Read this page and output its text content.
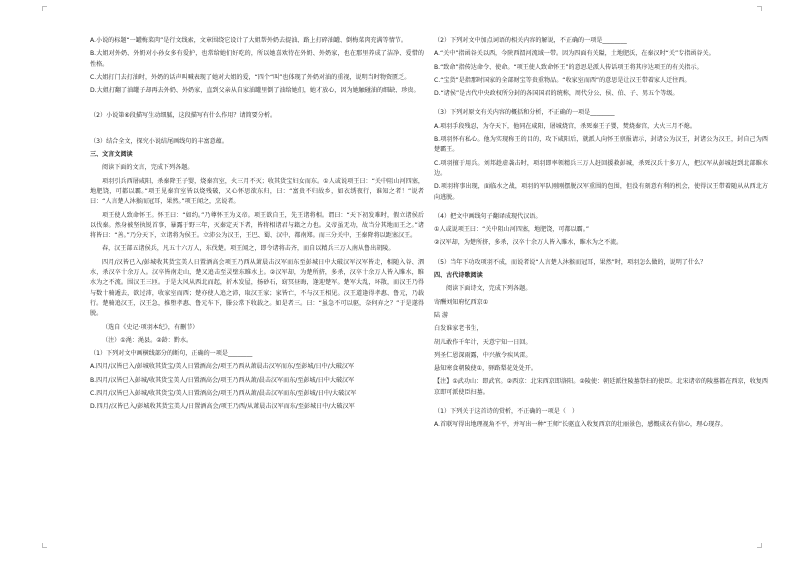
A.小说的标题“一罐梅菜肉”是行文线索，文章围绕它设计了大姐帮外奶去提油、路上打碎油罐、倒梅菜肉充满等情节。

B.大姐对外奶、外奶对小孙女多有爱护，也常给她们好吃的，所以她喜欢待在外奶、外奶家，也在那里养成了洁净、爱惜的性格。

C.大姐打门去打油时，外奶的话声叫喊表现了她对大姐的爱，“四个“叫”也体现了外奶对油的重视，说明当时物资匮乏。

D.大姐打翻了油罐子却再去外奶、外奶家，直到父亲从自家油罐里倒了油给她们，她才放心，因为她触碰油的细缺、珍贵。

（2）小说第⑥段描写生动细腻，这段描写有什么作用？请简要分析。

（3）结合全文，探究小说结尾画线句的丰富意蕴。

三、文言文阅读

阅读下面的文言，完成下列各题。

项羽引兵西屠咸阳，杀秦降王子婴，烧秦宫室，火三月不灭；收其货宝妇女而东。①人或说项王曰：“关中阻山河四塞，地肥饶，可都以霸。”项王见秦宫室皆以烧残破，又心怀思欲东归，曰：“富贵不归故乡，如衣绣夜行，谁知之者！”说者曰：“人言楚人沐猴而冠耳，果然。”项王闻之，烹说者。

项王使人致命怀王。怀王曰：“如约。”乃尊怀王为义帝。项王欲自王，先王诸将相。谓曰：“天下初发难时，假立诸侯后以伐秦。然身被坚执锐首事，暴露于野三年，灭秦定天下者，皆将相诸君与籍之力也。义帝虽无功，故当分其地而王之。”诸将皆曰：“善。”乃分天下，立诸将为侯王。立沛公为汉王，王巴、蜀、汉中，都南郑。而三分关中，王秦降将以距塞汉王。

春，汉王部五诸侯兵，凡五十六万人，东伐楚。项王闻之，即令诸将击齐，而自以精兵三万人南从鲁出胡陵。

四月/汉皆已入/彭城收其货宝美人日置酒高会项王乃西从萧晨击汉军而东至彭城日中大破汉军汉军皆走，相随入谷、泗水，杀汉卒十余万人。汉卒皆南走山，楚又追击至灵壁东睢水上。②汉军却，为楚所挤，多杀，汉卒十余万人皆入睢水，睢水为之不流。围汉王三匝。于是大风从西北而起，折木发屋，扬砂石，窈冥昼晦，逢迎楚军。楚军大乱，坏散，而汉王乃得与数十骑遁去，欲过沛，收家室而西；楚亦使人追之沛，取汉王家；家皆亡，不与汉王相见。汉王道逢得孝惠、鲁元，乃载行。楚骑追汉王，汉王急，推堕孝惠、鲁元车下，滕公常下收载之。如是者三。曰：“虽急不可以驱，奈何弃之？”于是遂得脱。

（选自《史记·项羽本纪》，有删节）

（注）①渑：渑县。②龄：黔水。

（1）下列对文中画横线部分的断句，正确的一项是________

A.四月/汉皆已入/彭城收其货宝/美人日置酒高会/项王乃西从萧晨击汉军而东/至彭城/日中/大破汉军

B.四月/汉皆已入彭城/收其货宝美人/日置酒高会/项王乃西从萧/晨击汉军而东/至彭城/日中大破汉军

C.四月/汉皆已入彭城/收其货宝/美人日置酒高会/项王乃西从萧/晨击汉军而东/至彭城/日中/大破汉军

D.四月/汉皆已入/彭城收其货宝美人/日置酒高会/项王乃西/从萧晨击汉军而东/至彭城日中/大破汉军

（2）下列对文中加点词语的相关内容的解说，不正确的一项是________

A.“关中”指函谷关以西，今陕西渭河流域一带。因为四面有关隘，土地肥沃，在秦汉时“关”专指函谷关。

B.“致命”指传达命令、使命。“项王使人致命怀王”的意思是派人传话项王将其序达项王的有关指示。

C.“宝货”是指那时国家的全部财宝等贵重物品。“收家室而西”的意思是让汉王带着家人迁往西。

D.“诸侯”是古代中央政权所分封的各国国君的统称，周代分公、侯、伯、子、男五个等级。

（3）下列对原文有关内容的概括和分析，不正确的一项是________

A.项羽手段残忍，为夺天下，他同在咸阳，屠城烧宫，杀死秦王子婴，焚烧秦宫，大火三月不熄。

B.项羽怀有私心。他为实现称王的目的，攻下咸阳后，就派人向怀王禀报请示，封诸公为汉王，封诸公为汉王，封自己为西楚霸王。

C.项羽擅于用兵。刘邦趁虚袭击时，项羽即率领精兵三万人赶回援救彭城，杀死汉兵十多万人，把汉军从彭城赶到北部睢水边。

D.项羽将事出现，面临水之战，项羽的军队刚刚摆脱汉军重围的包围，但没有刻意有利的机会，使得汉王带着随从从西北方向逃脱。

（4）把文中画线句子翻译成现代汉语。

①人或说项王曰：“关中阻山河四塞，地肥饶，可都以霸。”

②汉军却，为楚所挤，多杀，汉卒十余万人皆入睢水，睢水为之不流。

（5）当年下功攻项羽不成，而说者说“人言楚人沐猴而冠耳，果然”时，项羽怎么做的，说明了什么？

四、古代诗歌阅读

阅读下面诗文，完成下列各题。

寄酬刘知府忆西京①

陆 游

白发谁家老书生，

胡儿敢作千年计，天意宁知一日回。

列圣仁恩深雨露，中兴赦令疾风雷。

悬知寒食朝陵使①，驿路梨花处处开。

【注】①武功山：即武官。②西京：北宋西京即洛阳。②陵使：朝廷派往陵墓祭扫的使臣。北宋诸帝的陵墓都在西京，收复西京即可派使臣扫墓。

（1）下列关于这首诗的赏析，不正确的一项是（　）

A.首联写得出地理视角不平，并写出一种“王师”长驱直入收复西京的壮丽景色，感慨成衣有信心，理心现存。
